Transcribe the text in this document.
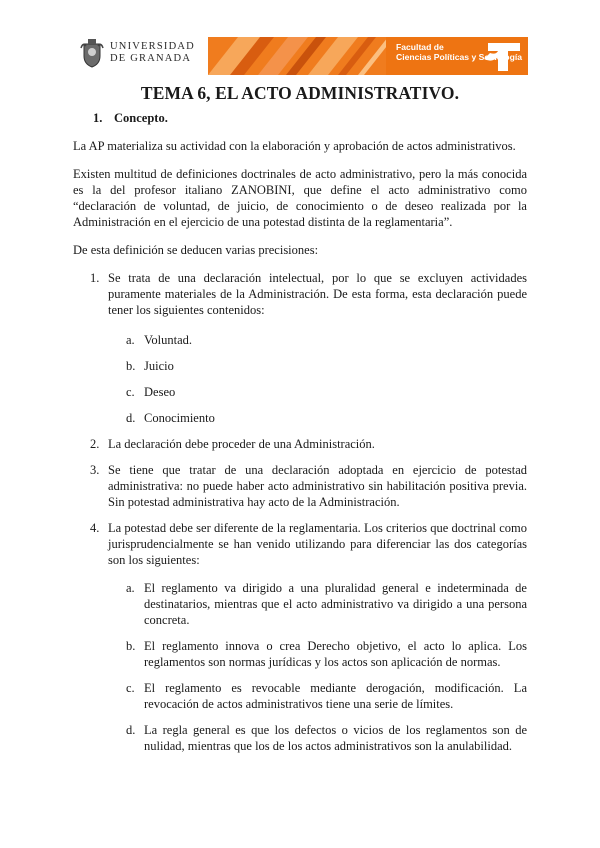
UNIVERSIDAD
DE GRANADA
Facultad de
Ciencias Políticas y Sociología
TEMA 6, EL ACTO ADMINISTRATIVO.
1. Concepto.

La AP materializa su actividad con la elaboración y aprobación de actos administrativos.

Existen multitud de definiciones doctrinales de acto administrativo, pero la más conocida es la del profesor italiano ZANOBINI, que define el acto administrativo como “declaración de voluntad, de juicio, de conocimiento o de deseo realizada por la Administración en el ejercicio de una potestad distinta de la reglamentaria”.

De esta definición se deducen varias precisiones:

1. Se trata de una declaración intelectual, por lo que se excluyen actividades puramente materiales de la Administración. De esta forma, esta declaración puede tener los siguientes contenidos:
a. Voluntad.
b. Juicio
c. Deseo
d. Conocimiento
2. La declaración debe proceder de una Administración.
3. Se tiene que tratar de una declaración adoptada en ejercicio de potestad administrativa: no puede haber acto administrativo sin habilitación positiva previa. Sin potestad administrativa hay acto de la Administración.
4. La potestad debe ser diferente de la reglamentaria. Los criterios que doctrinal como jurisprudencialmente se han venido utilizando para diferenciar las dos categorías son los siguientes:
a. El reglamento va dirigido a una pluralidad general e indeterminada de destinatarios, mientras que el acto administrativo va dirigido a una persona concreta.
b. El reglamento innova o crea Derecho objetivo, el acto lo aplica. Los reglamentos son normas jurídicas y los actos son aplicación de normas.
c. El reglamento es revocable mediante derogación, modificación. La revocación de actos administrativos tiene una serie de límites.
d. La regla general es que los defectos o vicios de los reglamentos son de nulidad, mientras que los de los actos administrativos son la anulabilidad.
